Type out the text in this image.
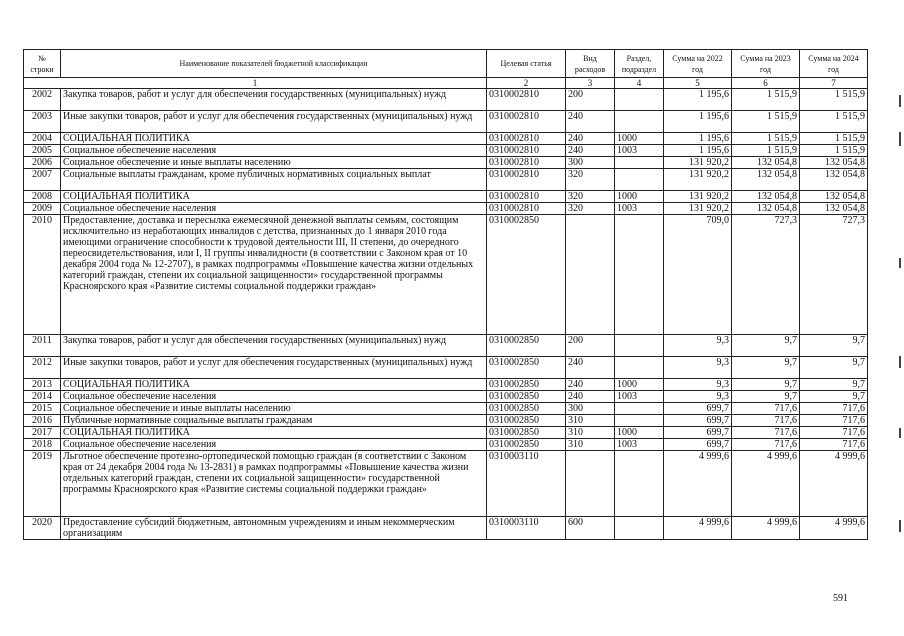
№ строки	Наименование показателей бюджетной классификации	Целевая статья	Вид расходов	Раздел, подраздел	Сумма на 2022 год	Сумма на 2023 год	Сумма на 2024 год
1		2	3	4	5	6	7
2002	Закупка товаров, работ и услуг для обеспечения государственных (муниципальных) нужд	0310002810	200		1 195,6	1 515,9	1 515,9
2003	Иные закупки товаров, работ и услуг для обеспечения государственных (муниципальных) нужд	0310002810	240		1 195,6	1 515,9	1 515,9
2004	СОЦИАЛЬНАЯ ПОЛИТИКА	0310002810	240	1000	1 195,6	1 515,9	1 515,9
2005	Социальное обеспечение населения	0310002810	240	1003	1 195,6	1 515,9	1 515,9
2006	Социальное обеспечение и иные выплаты населению	0310002810	300		131 920,2	132 054,8	132 054,8
2007	Социальные выплаты гражданам, кроме публичных нормативных социальных выплат	0310002810	320		131 920,2	132 054,8	132 054,8
2008	СОЦИАЛЬНАЯ ПОЛИТИКА	0310002810	320	1000	131 920,2	132 054,8	132 054,8
2009	Социальное обеспечение населения	0310002810	320	1003	131 920,2	132 054,8	132 054,8
2010	Предоставление, доставка и пересылка ежемесячной денежной выплаты семьям, состоящим исключительно из неработающих инвалидов с детства, признанных до 1 января 2010 года имеющими ограничение способности к трудовой деятельности III, II степени, до очередного переосвидетельствования, или I, II группы инвалидности (в соответствии с Законом края от 10 декабря 2004 года № 12-2707), в рамках подпрограммы «Повышение качества жизни отдельных категорий граждан, степени их социальной защищенности» государственной программы Красноярского края «Развитие системы социальной поддержки граждан»	0310002850			709,0	727,3	727,3
2011	Закупка товаров, работ и услуг для обеспечения государственных (муниципальных) нужд	0310002850	200		9,3	9,7	9,7
2012	Иные закупки товаров, работ и услуг для обеспечения государственных (муниципальных) нужд	0310002850	240		9,3	9,7	9,7
2013	СОЦИАЛЬНАЯ ПОЛИТИКА	0310002850	240	1000	9,3	9,7	9,7
2014	Социальное обеспечение населения	0310002850	240	1003	9,3	9,7	9,7
2015	Социальное обеспечение и иные выплаты населению	0310002850	300		699,7	717,6	717,6
2016	Публичные нормативные социальные выплаты гражданам	0310002850	310		699,7	717,6	717,6
2017	СОЦИАЛЬНАЯ ПОЛИТИКА	0310002850	310	1000	699,7	717,6	717,6
2018	Социальное обеспечение населения	0310002850	310	1003	699,7	717,6	717,6
2019	Льготное обеспечение протезно-ортопедической помощью граждан (в соответствии с Законом края от 24 декабря 2004 года № 13-2831) в рамках подпрограммы «Повышение качества жизни отдельных категорий граждан, степени их социальной защищенности» государственной программы Красноярского края «Развитие системы социальной поддержки граждан»	0310003110			4 999,6	4 999,6	4 999,6
2020	Предоставление субсидий бюджетным, автономным учреждениям и иным некоммерческим организациям	0310003110	600		4 999,6	4 999,6	4 999,6
591
